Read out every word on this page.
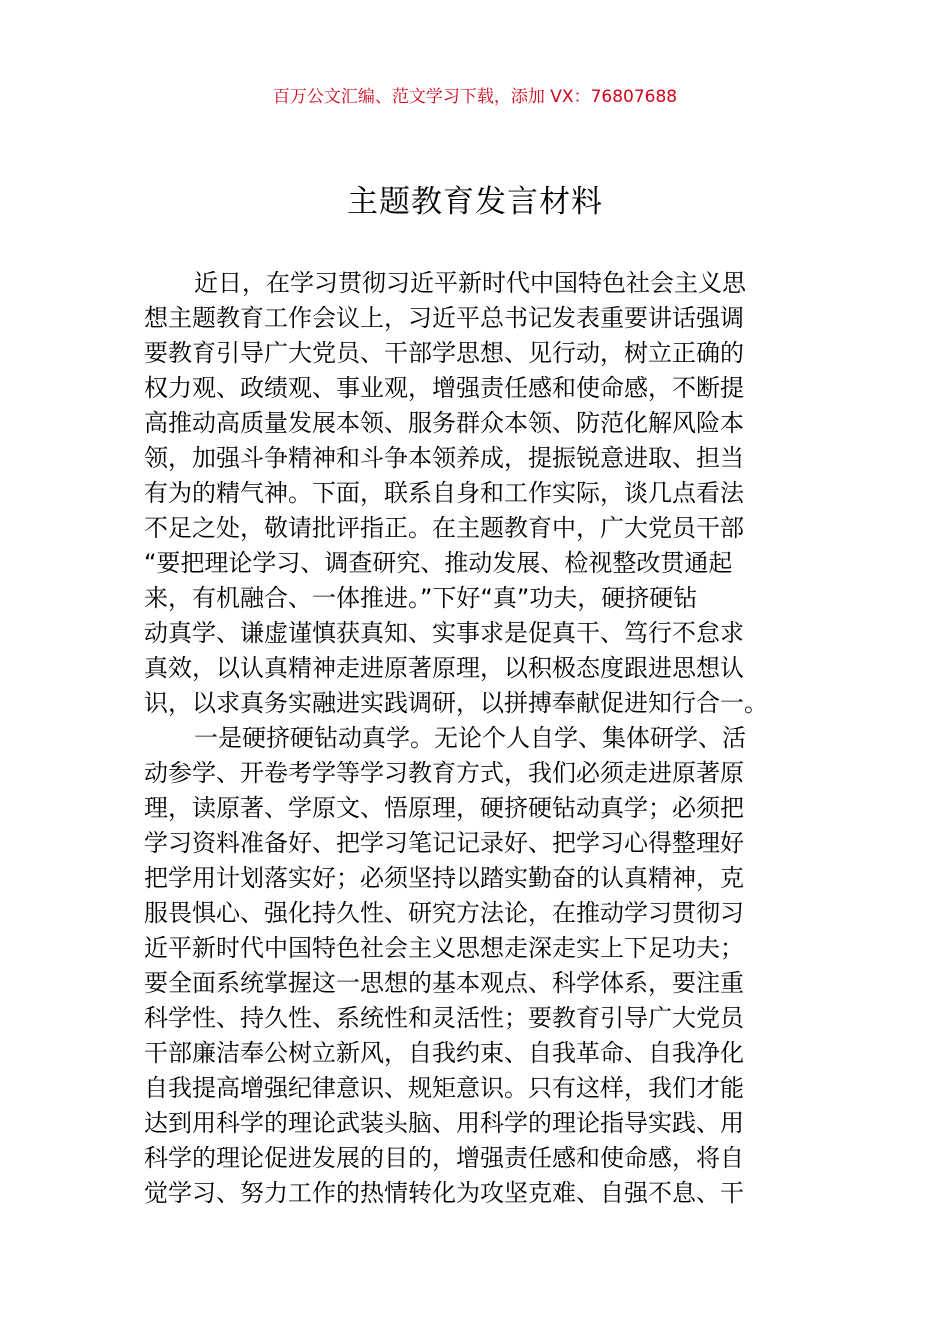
百万公文汇编、范文学习下载，添加 VX：76807688
主题教育发言材料
近日，在学习贯彻习近平新时代中国特色社会主义思
想主题教育工作会议上，习近平总书记发表重要讲话强调
要教育引导广大党员、干部学思想、见行动，树立正确的
权力观、政绩观、事业观，增强责任感和使命感，不断提
高推动高质量发展本领、服务群众本领、防范化解风险本
领，加强斗争精神和斗争本领养成，提振锐意进取、担当
有为的精气神。下面，联系自身和工作实际，谈几点看法
不足之处，敬请批评指正。在主题教育中，广大党员干部
“要把理论学习、调查研究、推动发展、检视整改贯通起
来，有机融合、一体推进。”下好“真”功夫，硬挤硬钻
动真学、谦虚谨慎获真知、实事求是促真干、笃行不怠求
真效，以认真精神走进原著原理，以积极态度跟进思想认
识，以求真务实融进实践调研，以拼搏奉献促进知行合一。
一是硬挤硬钻动真学。无论个人自学、集体研学、活
动参学、开卷考学等学习教育方式，我们必须走进原著原
理，读原著、学原文、悟原理，硬挤硬钻动真学；必须把
学习资料准备好、把学习笔记记录好、把学习心得整理好
把学用计划落实好；必须坚持以踏实勤奋的认真精神，克
服畏惧心、强化持久性、研究方法论，在推动学习贯彻习
近平新时代中国特色社会主义思想走深走实上下足功夫；
要全面系统掌握这一思想的基本观点、科学体系，要注重
科学性、持久性、系统性和灵活性；要教育引导广大党员
干部廉洁奉公树立新风，自我约束、自我革命、自我净化
自我提高增强纪律意识、规矩意识。只有这样，我们才能
达到用科学的理论武装头脑、用科学的理论指导实践、用
科学的理论促进发展的目的，增强责任感和使命感，将自
觉学习、努力工作的热情转化为攻坚克难、自强不息、干
